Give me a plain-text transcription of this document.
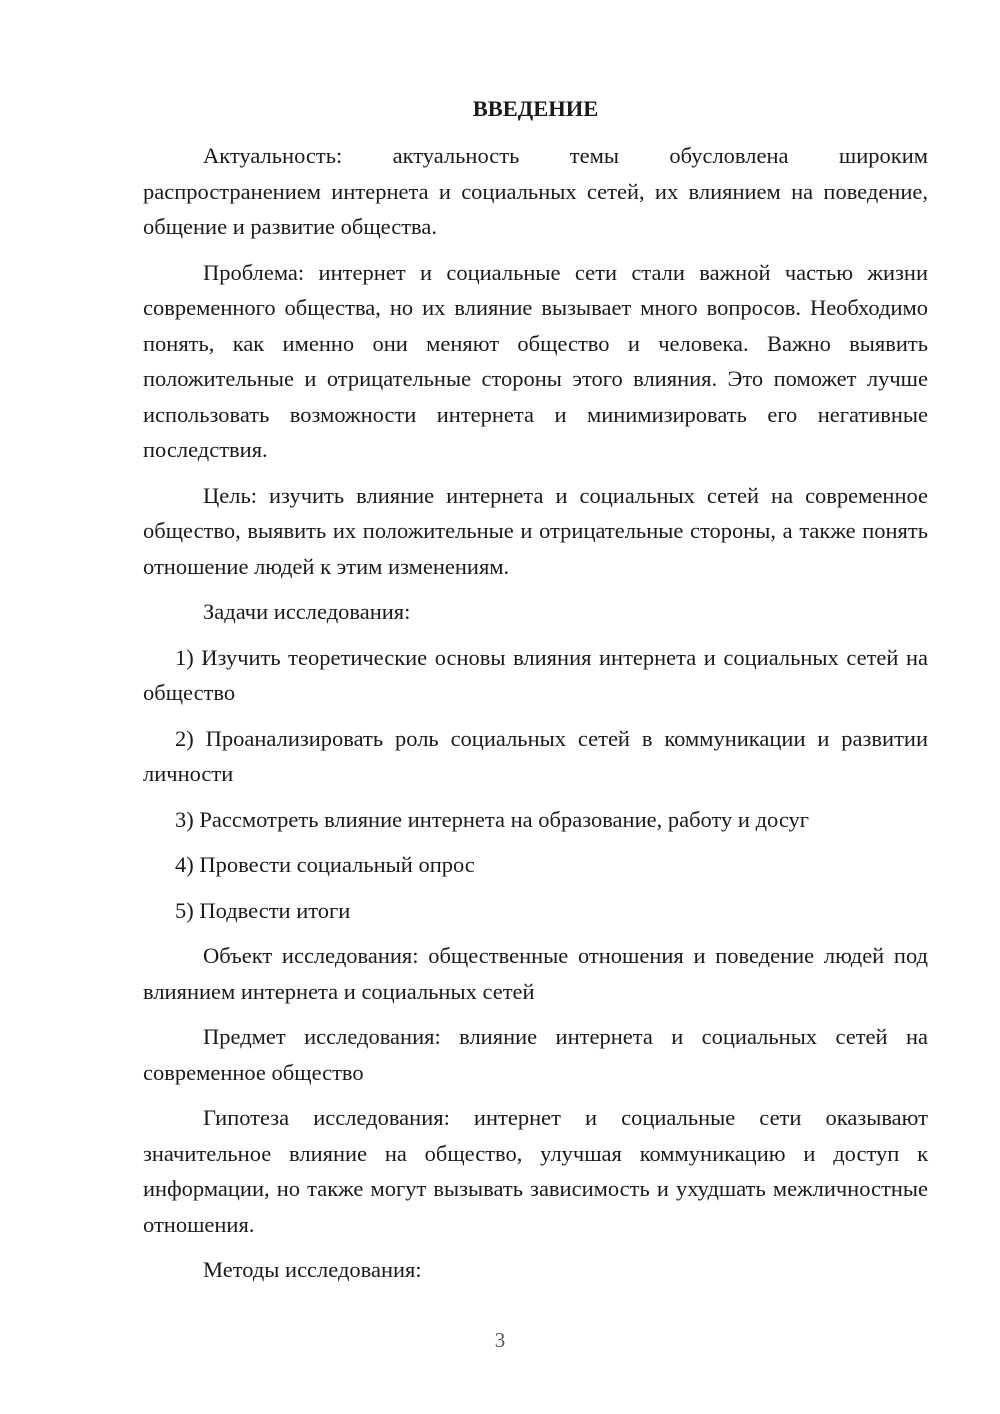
ВВЕДЕНИЕ

Актуальность: актуальность темы обусловлена широким распространением интернета и социальных сетей, их влиянием на поведение, общение и развитие общества.

Проблема: интернет и социальные сети стали важной частью жизни современного общества, но их влияние вызывает много вопросов. Необходимо понять, как именно они меняют общество и человека. Важно выявить положительные и отрицательные стороны этого влияния. Это поможет лучше использовать возможности интернета и минимизировать его негативные последствия.

Цель: изучить влияние интернета и социальных сетей на современное общество, выявить их положительные и отрицательные стороны, а также понять отношение людей к этим изменениям.

Задачи исследования:

1) Изучить теоретические основы влияния интернета и социальных сетей на общество

2) Проанализировать роль социальных сетей в коммуникации и развитии личности

3) Рассмотреть влияние интернета на образование, работу и досуг

4) Провести социальный опрос

5) Подвести итоги

Объект исследования: общественные отношения и поведение людей под влиянием интернета и социальных сетей

Предмет исследования: влияние интернета и социальных сетей на современное общество

Гипотеза исследования: интернет и социальные сети оказывают значительное влияние на общество, улучшая коммуникацию и доступ к информации, но также могут вызывать зависимость и ухудшать межличностные отношения.

Методы исследования:

3
